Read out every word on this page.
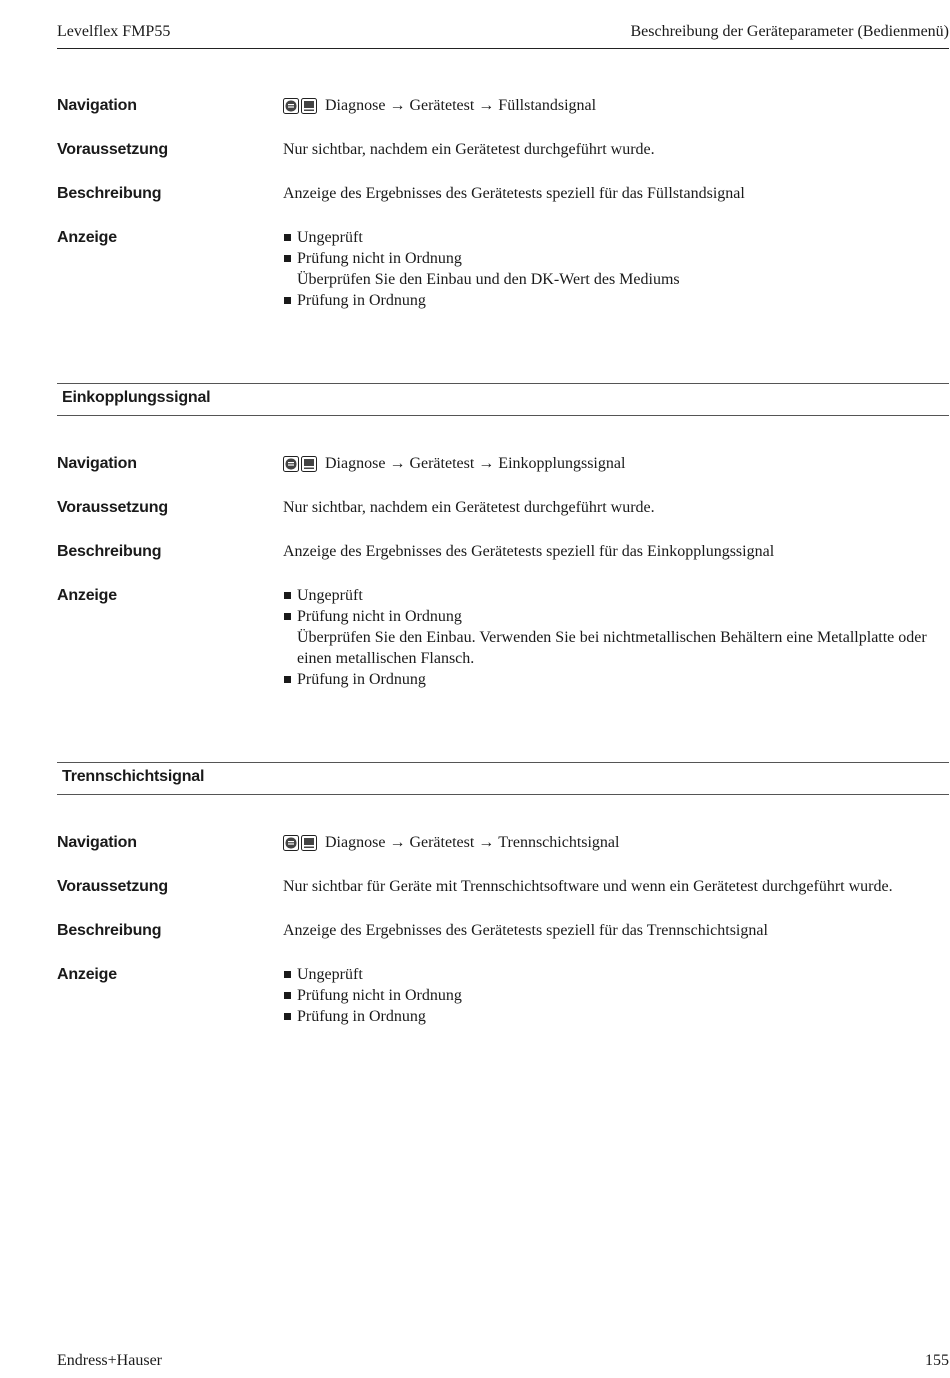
Levelflex FMP55	Beschreibung der Geräteparameter (Bedienmenü)
Navigation	Diagnose → Gerätetest → Füllstandsignal
Voraussetzung	Nur sichtbar, nachdem ein Gerätetest durchgeführt wurde.
Beschreibung	Anzeige des Ergebnisses des Gerätetests speziell für das Füllstandsignal
Anzeige	Ungeprüft
Prüfung nicht in Ordnung
Überprüfen Sie den Einbau und den DK-Wert des Mediums
Prüfung in Ordnung
Einkopplungssignal
Navigation	Diagnose → Gerätetest → Einkopplungssignal
Voraussetzung	Nur sichtbar, nachdem ein Gerätetest durchgeführt wurde.
Beschreibung	Anzeige des Ergebnisses des Gerätetests speziell für das Einkopplungssignal
Anzeige	Ungeprüft
Prüfung nicht in Ordnung
Überprüfen Sie den Einbau. Verwenden Sie bei nichtmetallischen Behältern eine Metallplatte oder einen metallischen Flansch.
Prüfung in Ordnung
Trennschichtsignal
Navigation	Diagnose → Gerätetest → Trennschichtsignal
Voraussetzung	Nur sichtbar für Geräte mit Trennschichtsoftware und wenn ein Gerätetest durchgeführt wurde.
Beschreibung	Anzeige des Ergebnisses des Gerätetests speziell für das Trennschichtsignal
Anzeige	Ungeprüft
Prüfung nicht in Ordnung
Prüfung in Ordnung
Endress+Hauser	155
